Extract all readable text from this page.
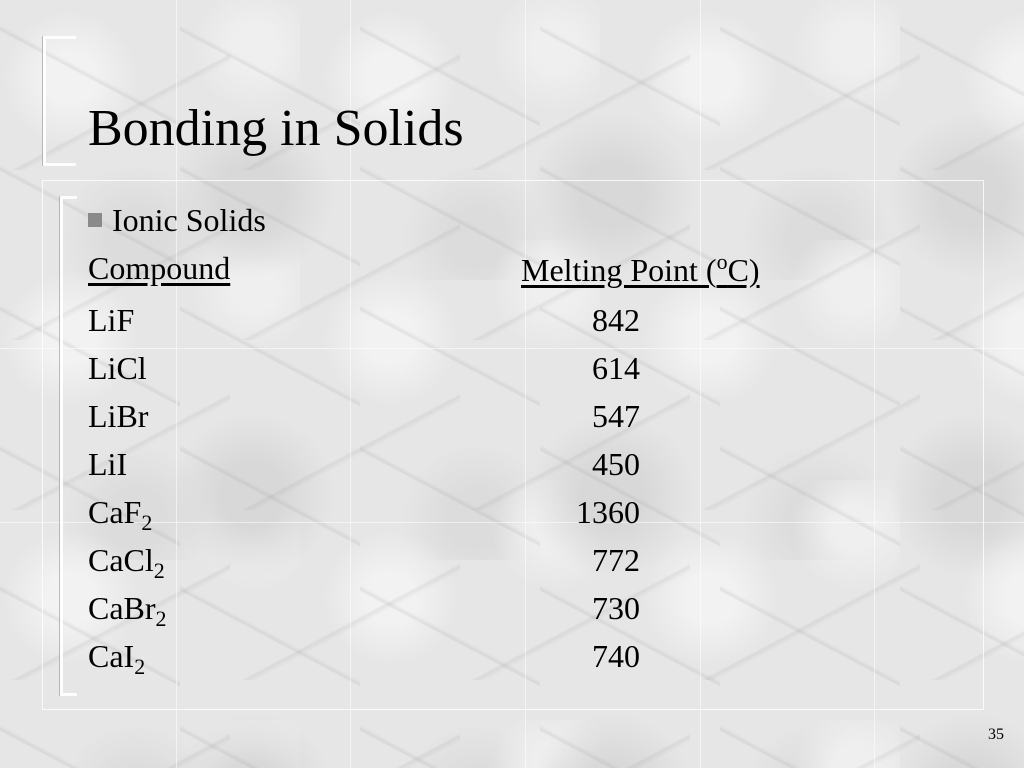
Bonding in Solids
Ionic Solids
Compound
LiF
LiCl
LiBr
LiI
CaF$_2$
CaCl$_2$
CaBr$_2$
CaI$_2$
Melting Point ($^o$C)
842
614
547
450
1360
772
730
740
35
